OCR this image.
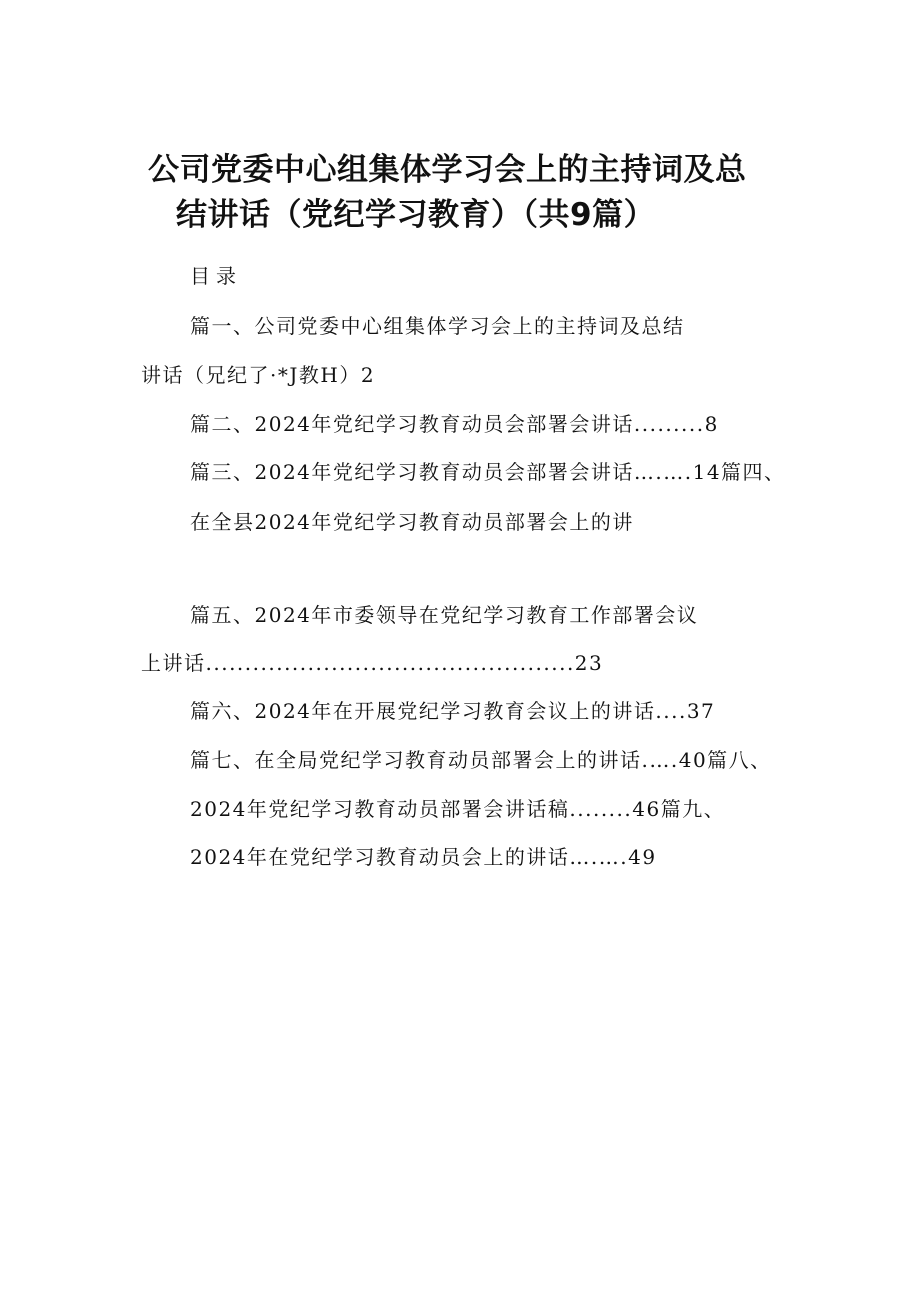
公司党委中心组集体学习会上的主持词及总
结讲话（党纪学习教育）（共9篇）
目录
篇一、公司党委中心组集体学习会上的主持词及总结
讲话（兄纪了·*J教H）2
篇二、2024年党纪学习教育动员会部署会讲话.........8
篇三、2024年党纪学习教育动员会部署会讲话….….14篇四、
在全县2024年党纪学习教育动员部署会上的讲
篇五、2024年市委领导在党纪学习教育工作部署会议
上讲话...............................................23
篇六、2024年在开展党纪学习教育会议上的讲话....37
篇七、在全局党纪学习教育动员部署会上的讲话.….40篇八、
2024年党纪学习教育动员部署会讲话稿........46篇九、
2024年在党纪学习教育动员会上的讲话….….49
